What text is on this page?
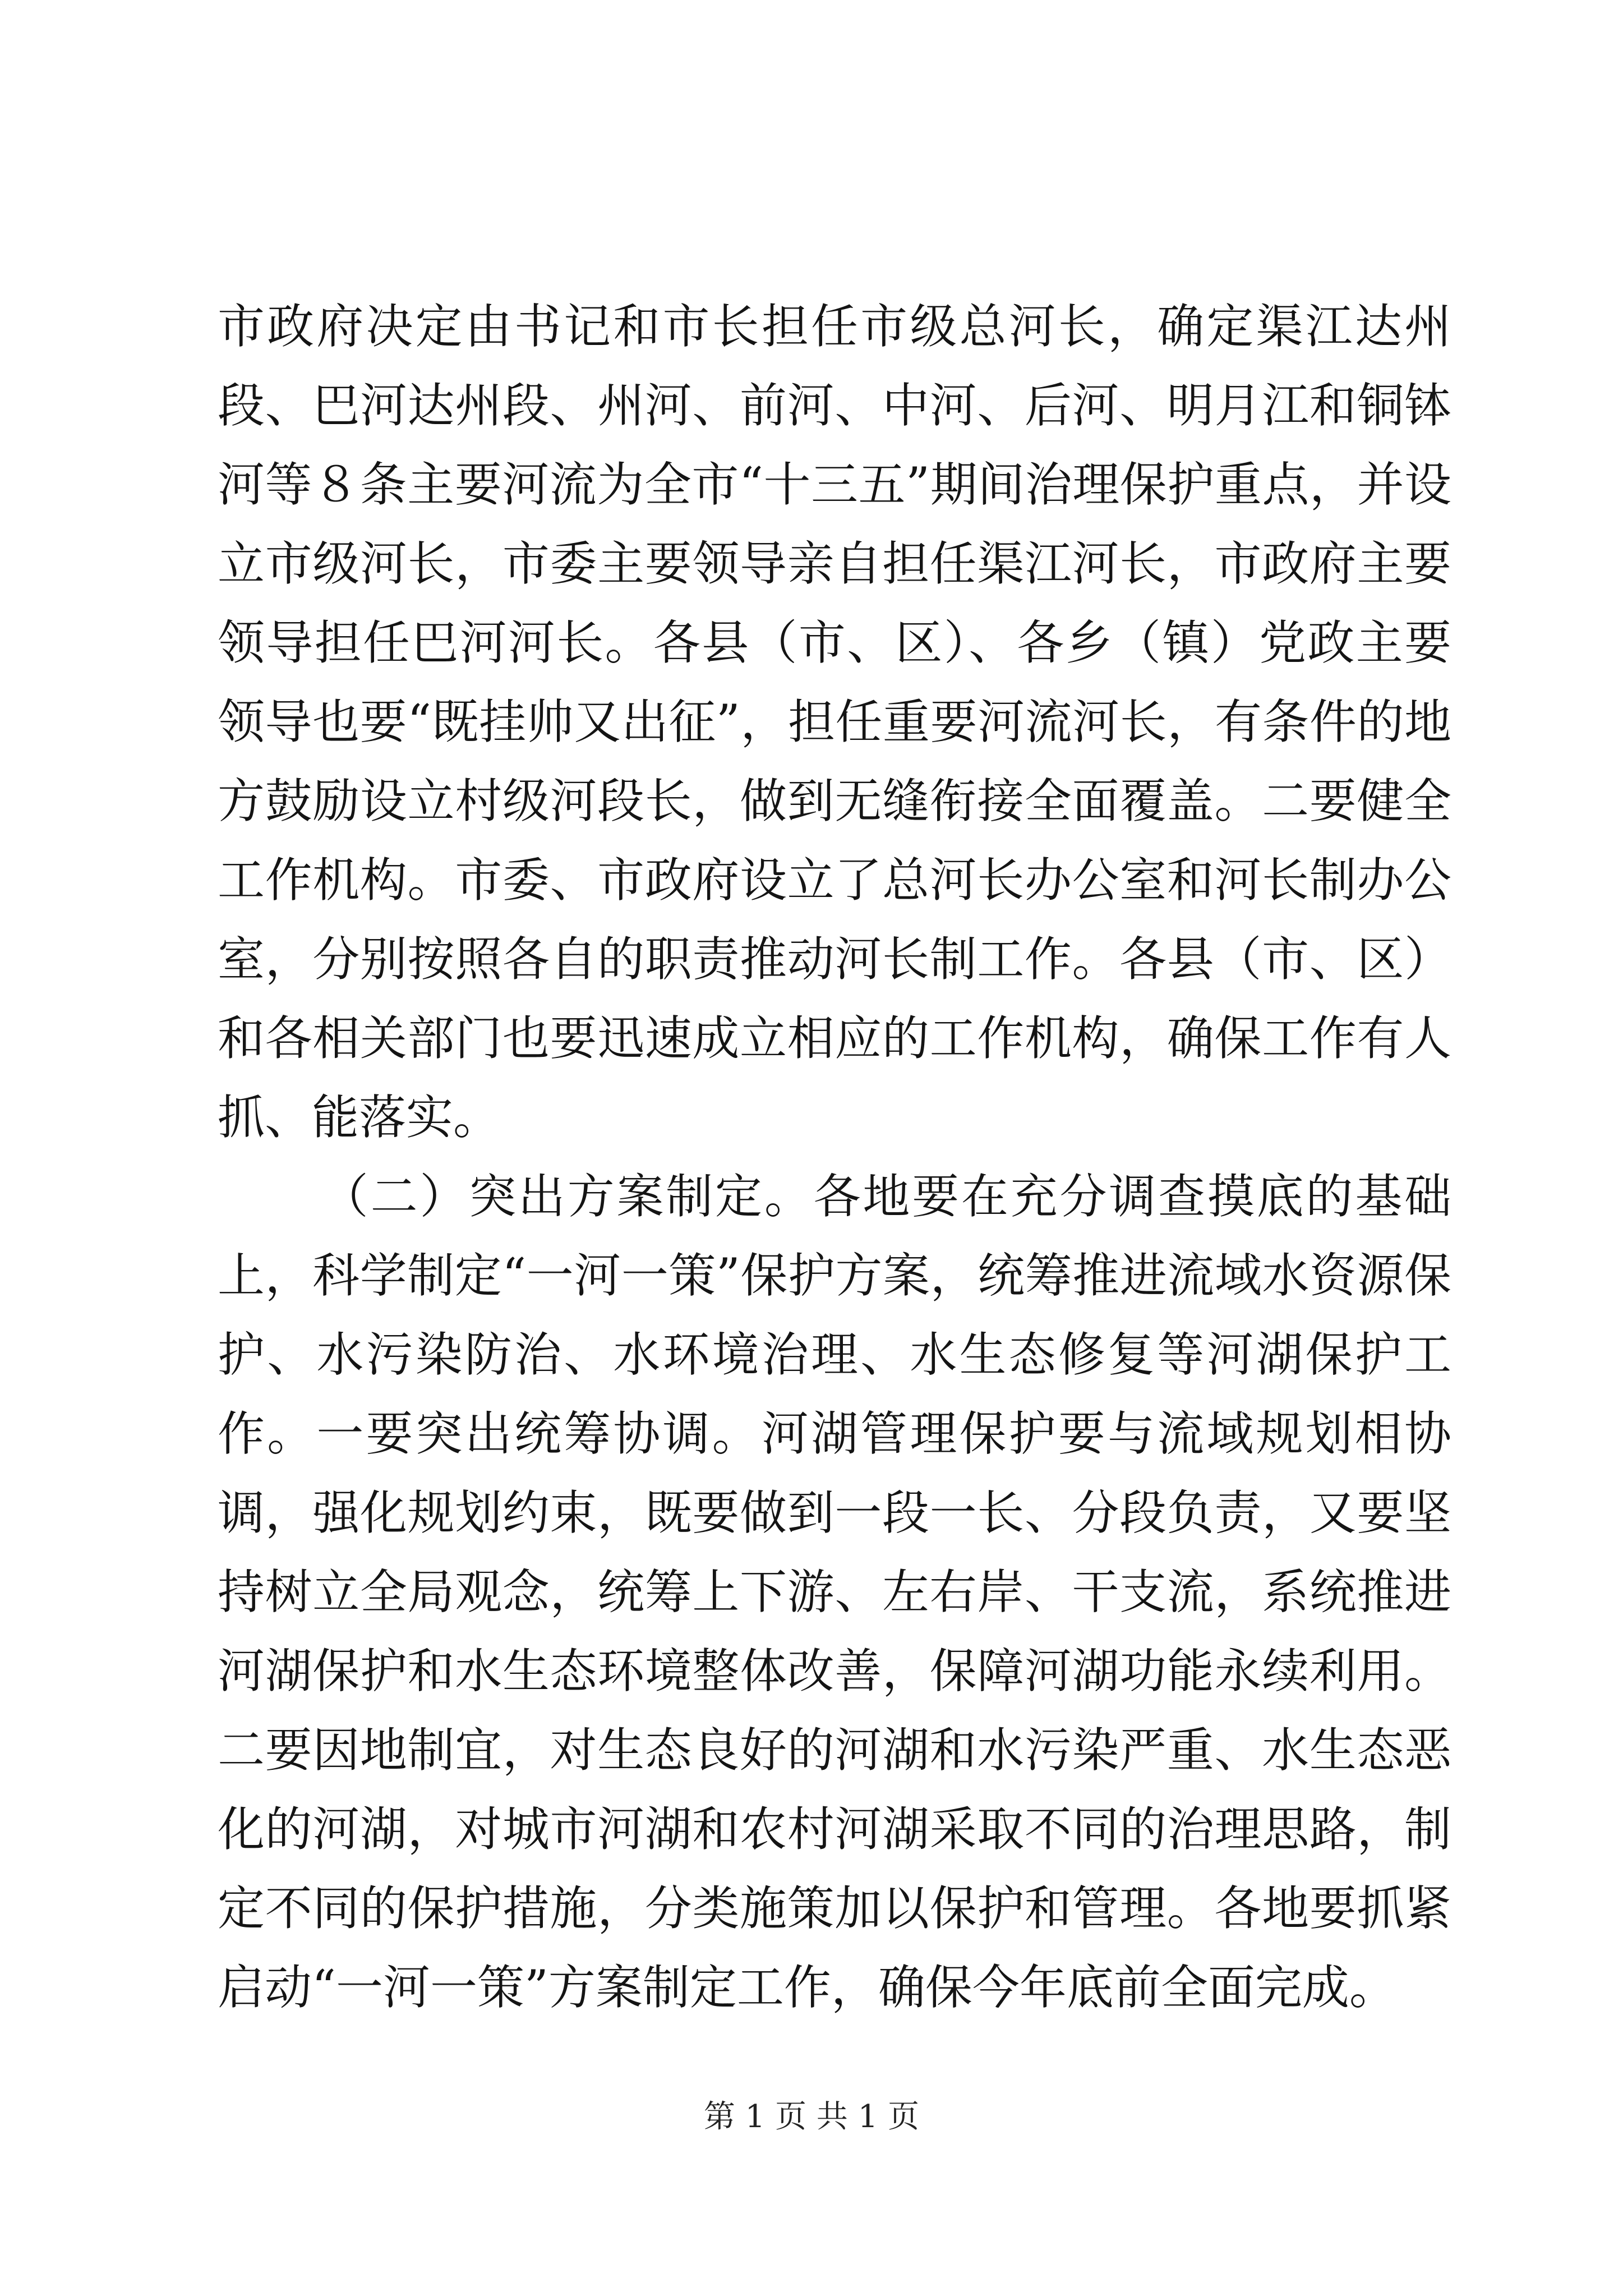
市政府决定由书记和市长担任市级总河长，确定渠江达州段、巴河达州段、州河、前河、中河、后河、明月江和铜钵河等８条主要河流为全市“十三五”期间治理保护重点，并设立市级河长，市委主要领导亲自担任渠江河长，市政府主要领导担任巴河河长。各县（市、区）、各乡（镇）党政主要领导也要“既挂帅又出征”，担任重要河流河长，有条件的地方鼓励设立村级河段长，做到无缝衔接全面覆盖。二要健全工作机构。市委、市政府设立了总河长办公室和河长制办公室，分别按照各自的职责推动河长制工作。各县（市、区）和各相关部门也要迅速成立相应的工作机构，确保工作有人抓、能落实。

（二）突出方案制定。各地要在充分调查摸底的基础上，科学制定“一河一策”保护方案，统筹推进流域水资源保护、水污染防治、水环境治理、水生态修复等河湖保护工作。一要突出统筹协调。河湖管理保护要与流域规划相协调，强化规划约束，既要做到一段一长、分段负责，又要坚持树立全局观念，统筹上下游、左右岸、干支流，系统推进河湖保护和水生态环境整体改善，保障河湖功能永续利用。二要因地制宜，对生态良好的河湖和水污染严重、水生态恶化的河湖，对城市河湖和农村河湖采取不同的治理思路，制定不同的保护措施，分类施策加以保护和管理。各地要抓紧启动“一河一策”方案制定工作，确保今年底前全面完成。

第 1 页 共 1 页
